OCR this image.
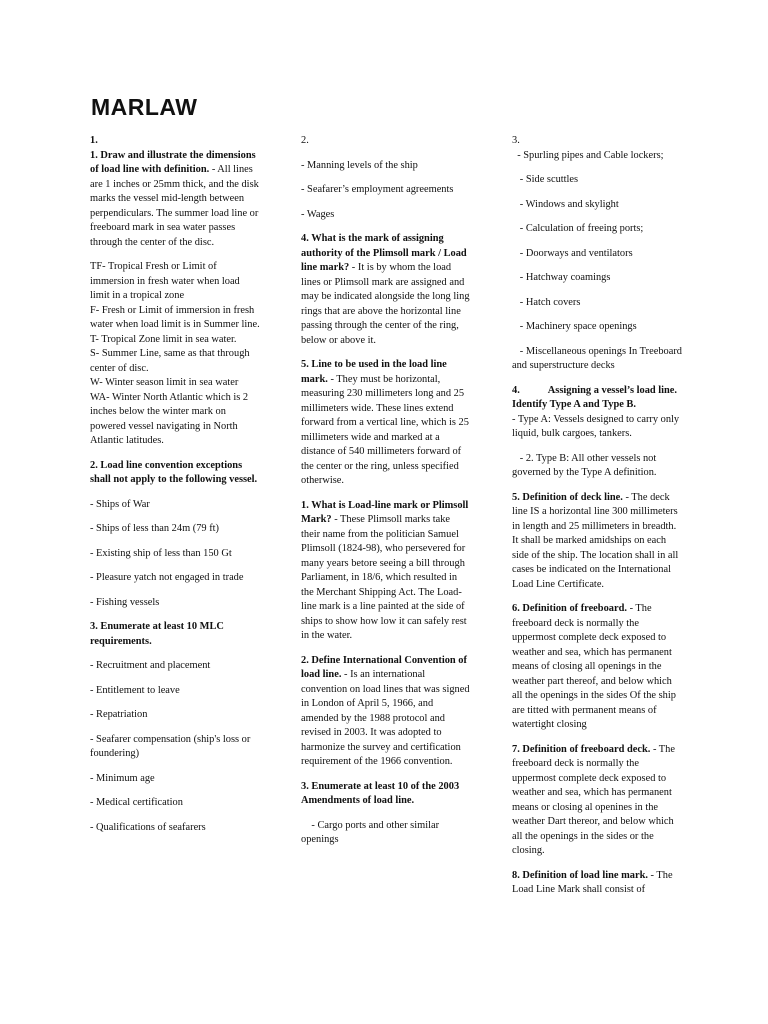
MARLAW

1.

1. Draw and illustrate the dimensions of load line with definition. - All lines are 1 inches or 25mm thick, and the disk marks the vessel mid-length between perpendiculars. The summer load line or freeboard mark in sea water passes through the center of the disc.

TF- Tropical Fresh or Limit of immersion in fresh water when load limit in a tropical zone

F- Fresh or Limit of immersion in fresh water when load limit is in Summer line.

T- Tropical Zone limit in sea water.

S- Summer Line, same as that through center of disc.

W- Winter season limit in sea water

WA- Winter North Atlantic which is 2 inches below the winter mark on powered vessel navigating in North Atlantic latitudes.

2. Load line convention exceptions shall not apply to the following vessel.

- Ships of War

- Ships of less than 24m (79 ft)

- Existing ship of less than 150 Gt

- Pleasure yatch not engaged in trade

- Fishing vessels

3. Enumerate at least 10 MLC requirements.

- Recruitment and placement

- Entitlement to leave

- Repatriation

- Seafarer compensation (ship's loss or foundering)

- Minimum age

- Medical certification

- Qualifications of seafarers

2.

- Manning levels of the ship

- Seafarer’s employment agreements

- Wages

4. What is the mark of assigning authority of the Plimsoll mark / Load line mark? - It is by whom the load lines or Plimsoll mark are assigned and may be indicated alongside the long ling rings that are above the horizontal line passing through the center of the ring, below or above it.

5. Line to be used in the load line mark. - They must be horizontal, measuring 230 millimeters long and 25 millimeters wide. These lines extend forward from a vertical line, which is 25 millimeters wide and marked at a distance of 540 millimeters forward of the center or the ring, unless specified otherwise.

1. What is Load-line mark or Plimsoll Mark? - These Plimsoll marks take their name from the politician Samuel Plimsoll (1824-98), who persevered for many years betore seeing a bill through Parliament, in 18/6, which resulted in the Merchant Shipping Act. The Load-line mark is a line painted at the side of ships to show how low it can safely rest in the water.

2. Define International Convention of load line. - Is an international convention on load lines that was signed in London of April 5, 1966, and amended by the 1988 protocol and revised in 2003. It was adopted to harmonize the survey and certification requirement of the 1966 convention.

3. Enumerate at least 10 of the 2003 Amendments of load line.

- Cargo ports and other similar openings

3.

- Spurling pipes and Cable lockers;

- Side scuttles

- Windows and skylight

- Calculation of freeing ports;

- Doorways and ventilators

- Hatchway coamings

- Hatch covers

- Machinery space openings

- Miscellaneous openings In Treeboard and superstructure decks

4.           Assigning a vessel’s load line. Identify Type A and Type B.

- Type A: Vessels designed to carry only liquid, bulk cargoes, tankers.

- 2. Type B: All other vessels not governed by the Type A definition.

5. Definition of deck line. - The deck line IS a horizontal line 300 millimeters in length and 25 millimeters in breadth. It shall be marked amidships on each side of the ship. The location shall in all cases be indicated on the International Load Line Certificate.

6. Definition of freeboard. - The freeboard deck is normally the uppermost complete deck exposed to weather and sea, which has permanent means of closing all openings in the weather part thereof, and below which all the openings in the sides Of the ship are titted with permanent means of watertight closing

7. Definition of freeboard deck. - The freeboard deck is normally the uppermost complete deck exposed to weather and sea, which has permanent means or closing al openines in the weather Dart thereor, and below which all the openings in the sides or the closing.

8. Definition of load line mark. - The Load Line Mark shall consist of
